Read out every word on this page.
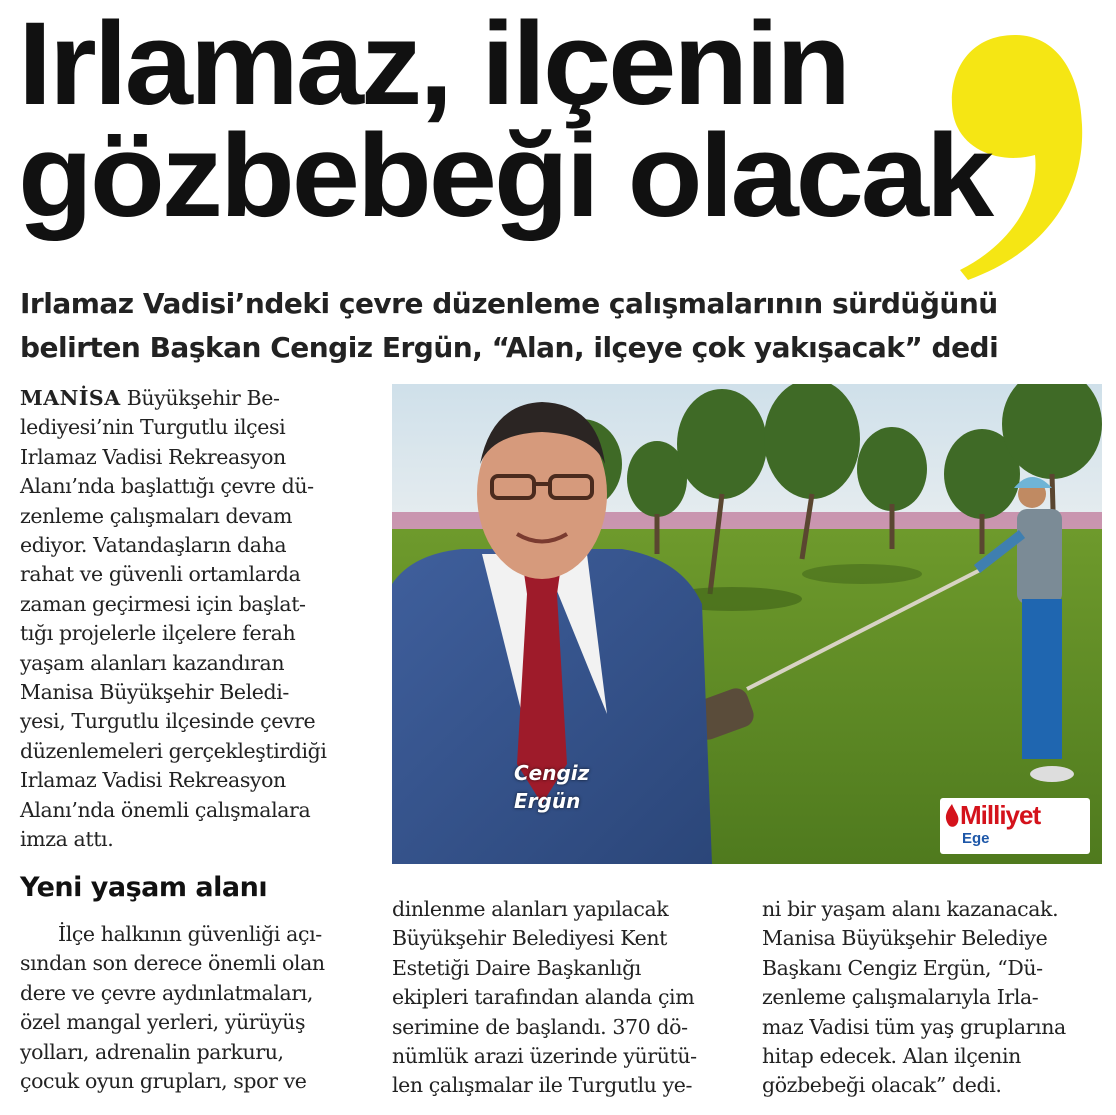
Irlamaz, ilçenin
gözbebeği olacak
Irlamaz Vadisi’ndeki çevre düzenleme çalışmalarının sürdüğünü
belirten Başkan Cengiz Ergün, “Alan, ilçeye çok yakışacak” dedi
MANİSA Büyükşehir Be-
lediyesi’nin Turgutlu ilçesi
Irlamaz Vadisi Rekreasyon
Alanı’nda başlattığı çevre dü-
zenleme çalışmaları devam
ediyor. Vatandaşların daha
rahat ve güvenli ortamlarda
zaman geçirmesi için başlat-
tığı projelerle ilçelere ferah
yaşam alanları kazandıran
Manisa Büyükşehir Beledi-
yesi, Turgutlu ilçesinde çevre
düzenlemeleri gerçekleştirdiği
Irlamaz Vadisi Rekreasyon
Alanı’nda önemli çalışmalara
imza attı.
Cengiz
Ergün	Milliyet
Ege
Yeni yaşam alanı
İlçe halkının güvenliği açı-
sından son derece önemli olan
dere ve çevre aydınlatmaları,
özel mangal yerleri, yürüyüş
yolları, adrenalin parkuru,
çocuk oyun grupları, spor ve
dinlenme alanları yapılacak
Büyükşehir Belediyesi Kent
Estetiği Daire Başkanlığı
ekipleri tarafından alanda çim
serimine de başlandı. 370 dö-
nümlük arazi üzerinde yürütü-
len çalışmalar ile Turgutlu ye-
ni bir yaşam alanı kazanacak.
Manisa Büyükşehir Belediye
Başkanı Cengiz Ergün, “Dü-
zenleme çalışmalarıyla Irla-
maz Vadisi tüm yaş gruplarına
hitap edecek. Alan ilçenin
gözbebeği olacak” dedi.
